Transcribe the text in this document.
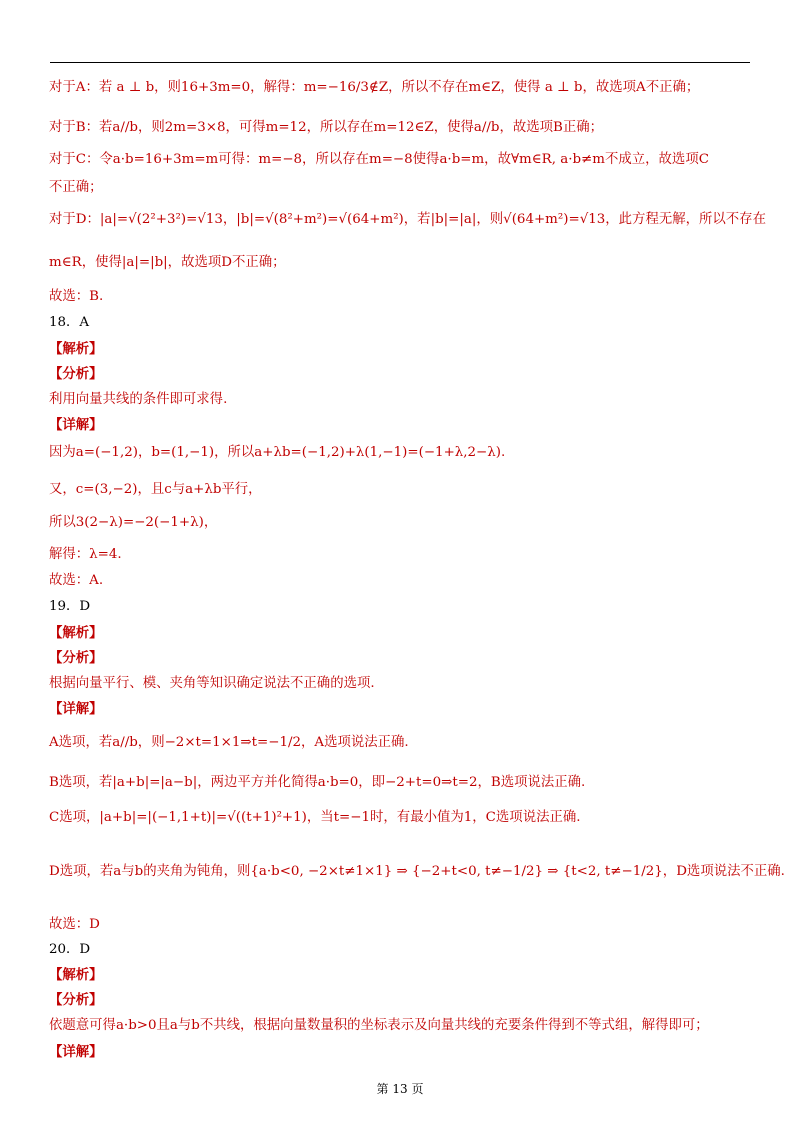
对于A：若 a ⊥ b，则16+3m=0，解得：m=−16/3∉Z，所以不存在m∈Z，使得 a ⊥ b，故选项A不正确；
对于B：若a//b，则2m=3×8，可得m=12，所以存在m=12∈Z，使得a//b，故选项B正确；
对于C：令a·b=16+3m=m可得：m=−8，所以存在m=−8使得a·b=m，故∀m∈R, a·b≠m不成立，故选项C
不正确；
对于D：|a|=√(2²+3²)=√13，|b|=√(8²+m²)=√(64+m²)，若|b|=|a|，则√(64+m²)=√13，此方程无解，所以不存在
m∈R，使得|a|=|b|，故选项D不正确；
故选：B.
18．A
【解析】
【分析】
利用向量共线的条件即可求得.
【详解】
因为a=(−1,2)，b=(1,−1)，所以a+λb=(−1,2)+λ(1,−1)=(−1+λ,2−λ).
又，c=(3,−2)，且c与a+λb平行，
所以3(2−λ)=−2(−1+λ)，
解得：λ=4.
故选：A.
19．D
【解析】
【分析】
根据向量平行、模、夹角等知识确定说法不正确的选项.
【详解】
A选项，若a//b，则−2×t=1×1⇒t=−1/2，A选项说法正确.
B选项，若|a+b|=|a−b|，两边平方并化简得a·b=0，即−2+t=0⇒t=2，B选项说法正确.
C选项，|a+b|=|(−1,1+t)|=√((t+1)²+1)，当t=−1时，有最小值为1，C选项说法正确.
D选项，若a与b的夹角为钝角，则{a·b<0, −2×t≠1×1} ⇒ {−2+t<0, t≠−1/2} ⇒ {t<2, t≠−1/2}，D选项说法不正确.
故选：D
20．D
【解析】
【分析】
依题意可得a·b>0且a与b不共线，根据向量数量积的坐标表示及向量共线的充要条件得到不等式组，解得即可；
【详解】
第 13 页
